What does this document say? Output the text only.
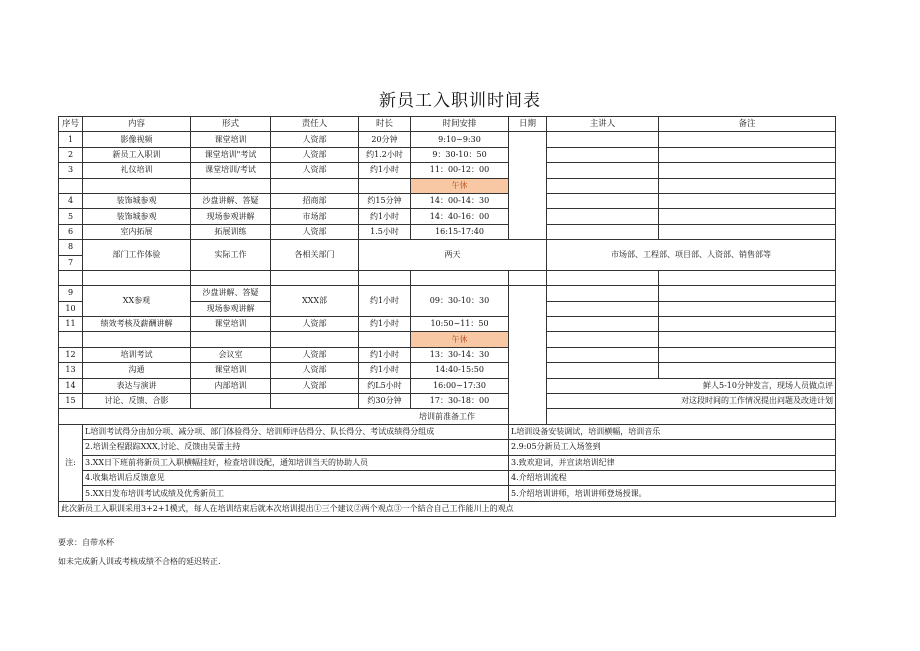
新员工入职训时间表
序号	内容	形式	责任人	时长	时间安排	日期	主讲人	备注
1	影像视频	课堂培训	人资部	20分钟	9:10~9:30			
2	新员工入职训	课堂培训"考试	人资部	约1.2小时	9：30-10：50			
3	礼仪培训	课堂培训/考试	人资部	约1小时	11：00-12：00			
					午休			
4	装饰城参观	沙盘讲解、答疑	招商部	约15分钟	14：00-14：30			
5	装饰城参观	现场参观讲解	市场部	约1小时	14：40-16：00			
6	室内拓展	拓展训练	人资部	1.5小时	16:15-17:40			
8	部门工作体验	实际工作	各相关部门	两天			市场部、工程部、项目部、人资部、销售部等	
7								

9	XX参观	沙盘讲解、答疑	XXX部	约1小时	09：30-10：30			
10		现场参观讲解						
11	绩效考核及薪酬讲解	课堂培训	人资部	约1小时	10:50~11：50			
					午休			
12	培训考试	会议室	人资部	约1小时	13：30-14：30			
13	沟通	课堂培训	人资部	约1小时	14:40-15:50			
14	表达与演讲	内部培训	人资部	约L5小时	16:00~17:30		鲜人5-10分钟发言，现场人员做点评	
15	讨论、反馈、合影			约30分钟	17：30-18：00		对这段时间的工作情况提出问题及改进计划	
培训前准备工作								
注:	L培训考试得分由加分项、减分项、部门体验得分、培训师评估得分、队长得分、考试成绩得分组成					L培训设备安装调试，培训横幅，培训音乐		
	2.培训全程跟踪XXX,讨论、反馈由吴蕾主持					2.9:05分新员工入场签到		
	3.XX日下班前将新员工入职横幅挂好，检查培训设配，通知培训当天的协助人员					3.致欢迎词，并宣读培训纪律		
	4.收集培训后反馈意见					4.介绍培训流程		
	5.XX日发布培训考试成绩及优秀新员工					5.介绍培训讲师，培训讲师登场授课。		
此次新员工入职训采用3+2+1模式，每人在培训结束后就本次培训提出①三个建议②两个观点③一个結合自己工作能川上的观点								
要求：自带水杯
如未完成新人训或考核成绩不合格的延迟转正.
